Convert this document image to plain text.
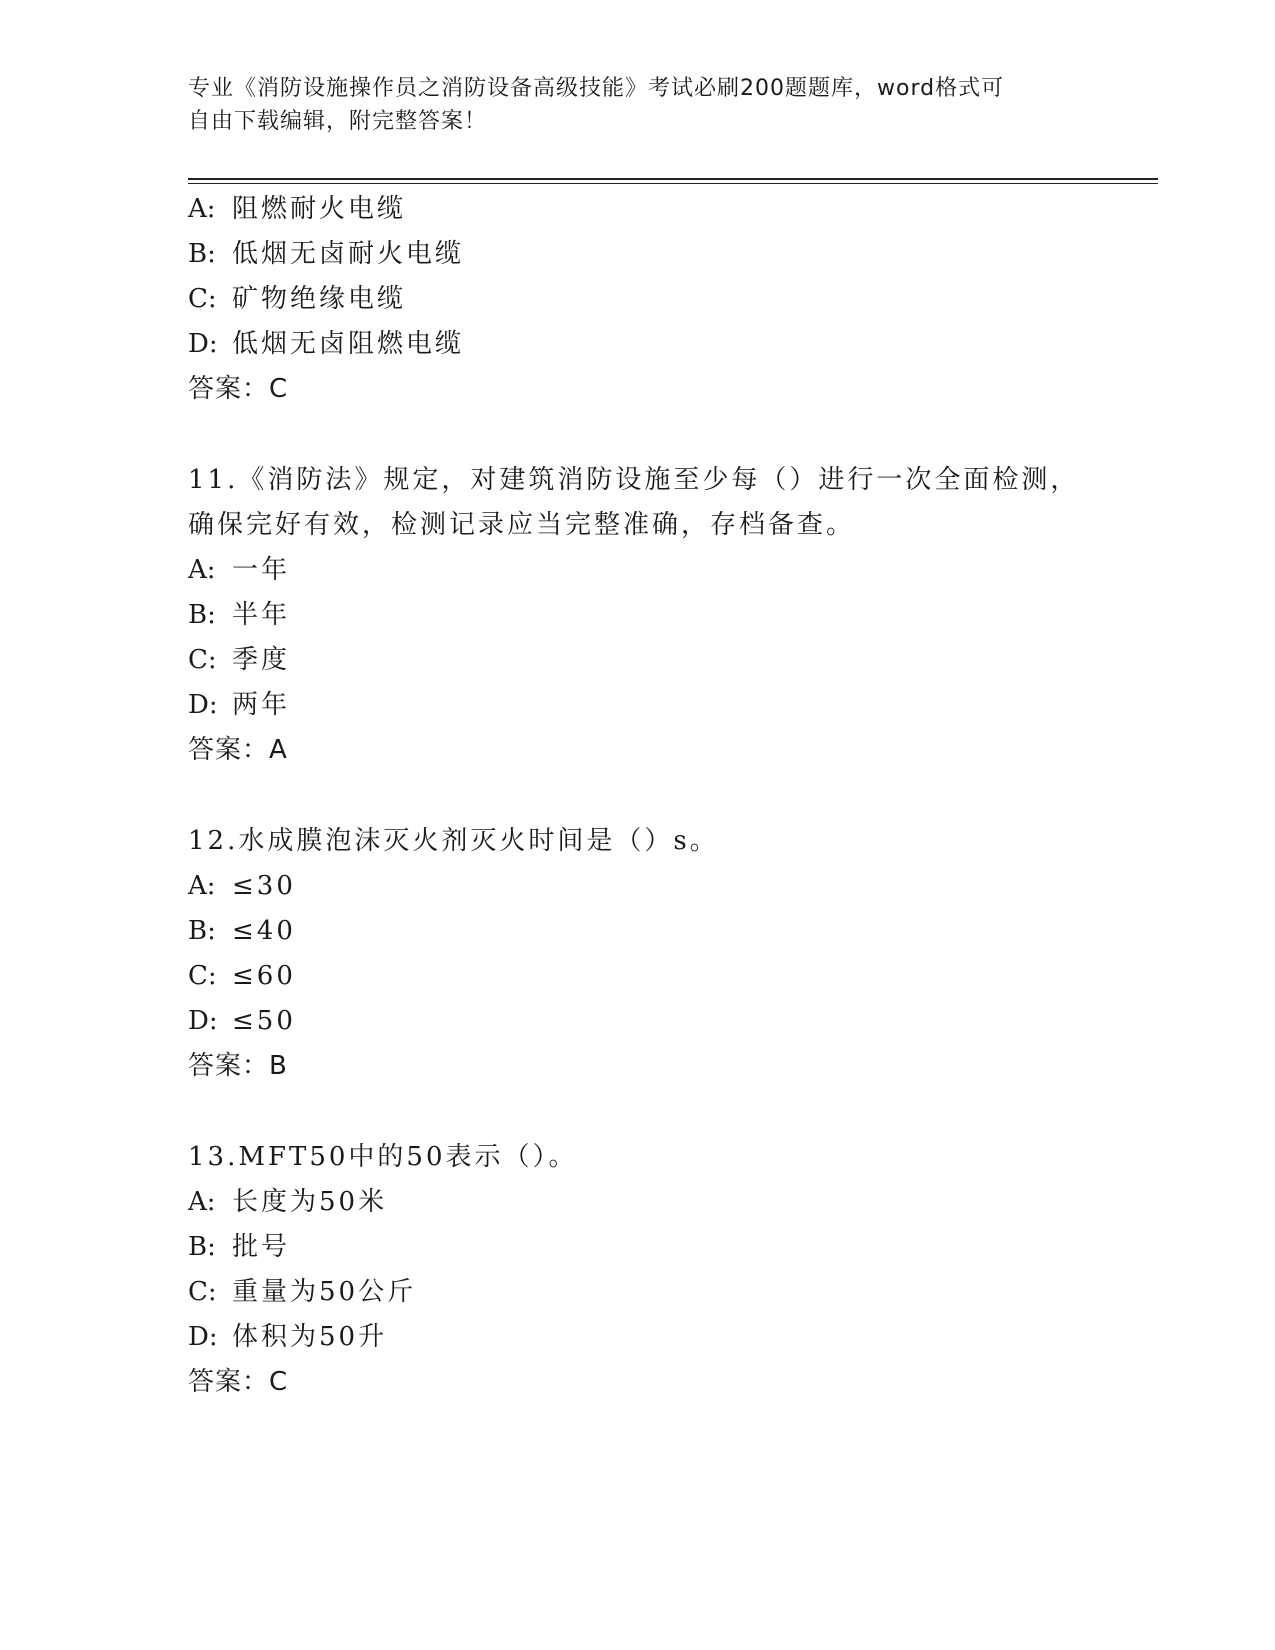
专业《消防设施操作员之消防设备高级技能》考试必刷200题题库，word格式可
自由下载编辑，附完整答案！
A: 阻燃耐火电缆
B: 低烟无卤耐火电缆
C: 矿物绝缘电缆
D: 低烟无卤阻燃电缆
答案：C
11.《消防法》规定，对建筑消防设施至少每（）进行一次全面检测，
确保完好有效，检测记录应当完整准确，存档备查。
A: 一年
B: 半年
C: 季度
D: 两年
答案：A
12.水成膜泡沫灭火剂灭火时间是（）s。
A: ≤30
B: ≤40
C: ≤60
D: ≤50
答案：B
13.MFT50中的50表示（）。
A: 长度为50米
B: 批号
C: 重量为50公斤
D: 体积为50升
答案：C
